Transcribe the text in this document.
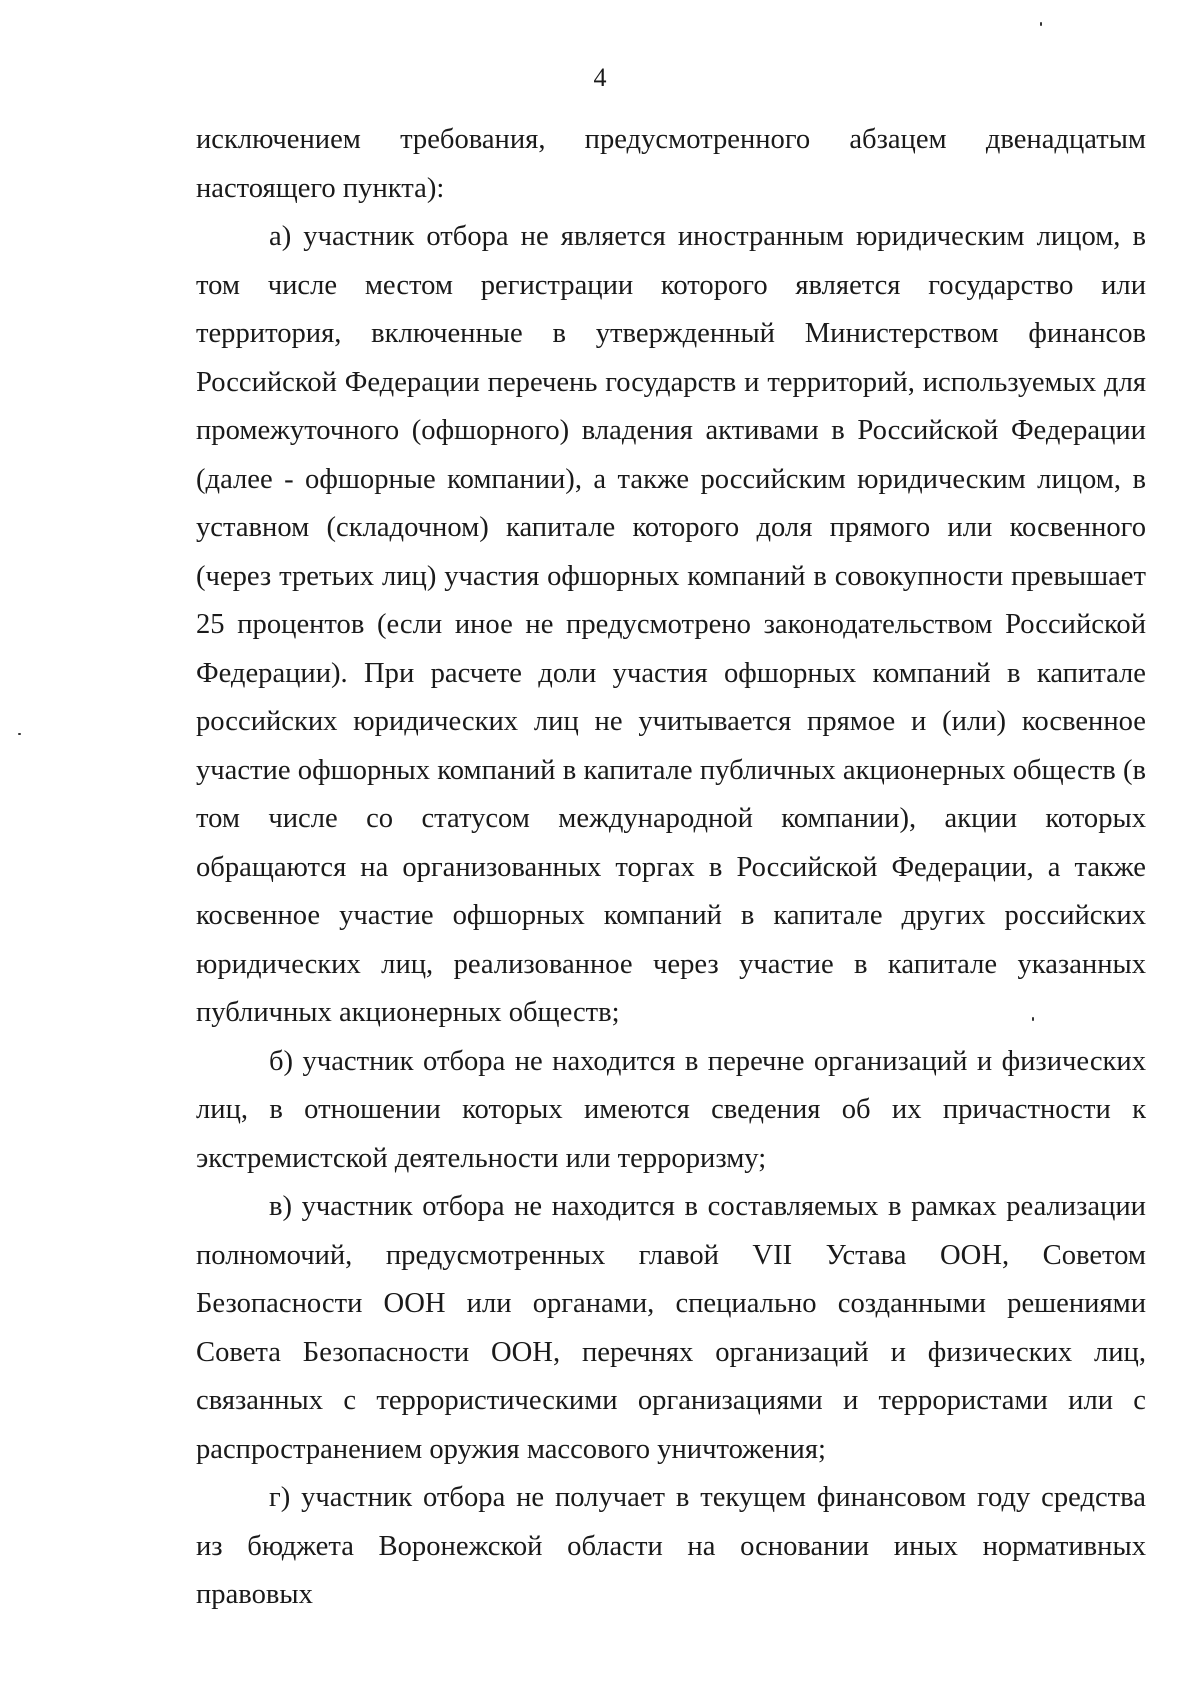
4

исключением требования, предусмотренного абзацем двенадцатым настоящего пункта):

а) участник отбора не является иностранным юридическим лицом, в том числе местом регистрации которого является государство или территория, включенные в утвержденный Министерством финансов Российской Федерации перечень государств и территорий, используемых для промежуточного (офшорного) владения активами в Российской Федерации (далее - офшорные компании), а также российским юридическим лицом, в уставном (складочном) капитале которого доля прямого или косвенного (через третьих лиц) участия офшорных компаний в совокупности превышает 25 процентов (если иное не предусмотрено законодательством Российской Федерации). При расчете доли участия офшорных компаний в капитале российских юридических лиц не учитывается прямое и (или) косвенное участие офшорных компаний в капитале публичных акционерных обществ (в том числе со статусом международной компании), акции которых обращаются на организованных торгах в Российской Федерации, а также косвенное участие офшорных компаний в капитале других российских юридических лиц, реализованное через участие в капитале указанных публичных акционерных обществ;

б) участник отбора не находится в перечне организаций и физических лиц, в отношении которых имеются сведения об их причастности к экстремистской деятельности или терроризму;

в) участник отбора не находится в составляемых в рамках реализации полномочий, предусмотренных главой VII Устава ООН, Советом Безопасности ООН или органами, специально созданными решениями Совета Безопасности ООН, перечнях организаций и физических лиц, связанных с террористическими организациями и террористами или с распространением оружия массового уничтожения;

г) участник отбора не получает в текущем финансовом году средства из бюджета Воронежской области на основании иных нормативных правовых
